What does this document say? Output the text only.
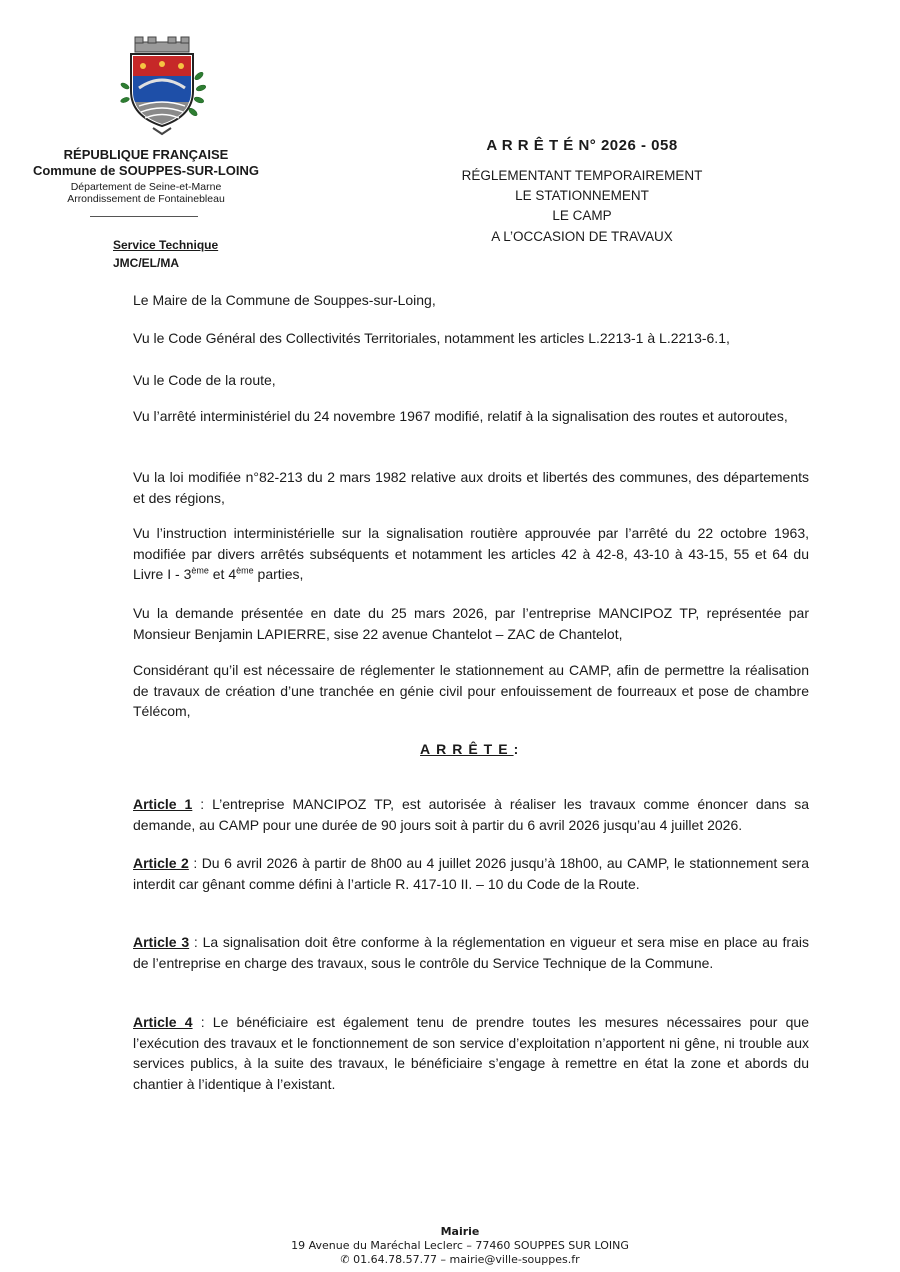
RÉPUBLIQUE FRANÇAISE
Commune de SOUPPES-SUR-LOING
Département de Seine-et-Marne
Arrondissement de Fontainebleau
Service Technique
JMC/EL/MA
A R R Ê T É N° 2026 - 058
RÉGLEMENTANT TEMPORAIREMENT
LE STATIONNEMENT
LE CAMP
A L’OCCASION DE TRAVAUX
Le Maire de la Commune de Souppes-sur-Loing,
Vu le Code Général des Collectivités Territoriales, notamment les articles L.2213-1 à L.2213-6.1,
Vu le Code de la route,
Vu l’arrêté interministériel du 24 novembre 1967 modifié, relatif à la signalisation des routes et autoroutes,
Vu la loi modifiée n°82-213 du 2 mars 1982 relative aux droits et libertés des communes, des départements et des régions,
Vu l’instruction interministérielle sur la signalisation routière approuvée par l’arrêté du 22 octobre 1963, modifiée par divers arrêtés subséquents et notamment les articles 42 à 42-8, 43-10 à 43-15, 55 et 64 du Livre I - 3ème et 4ème parties,
Vu la demande présentée en date du 25 mars 2026, par l’entreprise MANCIPOZ TP, représentée par Monsieur Benjamin LAPIERRE, sise 22 avenue Chantelot – ZAC de Chantelot,
Considérant qu’il est nécessaire de réglementer le stationnement au CAMP, afin de permettre la réalisation de travaux de création d’une tranchée en génie civil pour enfouissement de fourreaux et pose de chambre Télécom,
ARRÊTE:
Article 1 : L’entreprise MANCIPOZ TP, est autorisée à réaliser les travaux comme énoncer dans sa demande, au CAMP pour une durée de 90 jours soit à partir du 6 avril 2026 jusqu’au 4 juillet 2026.
Article 2 : Du 6 avril 2026 à partir de 8h00 au 4 juillet 2026 jusqu’à 18h00, au CAMP, le stationnement sera interdit car gênant comme défini à l’article R. 417-10 II. – 10 du Code de la Route.
Article 3 : La signalisation doit être conforme à la réglementation en vigueur et sera mise en place au frais de l’entreprise en charge des travaux, sous le contrôle du Service Technique de la Commune.
Article 4 : Le bénéficiaire est également tenu de prendre toutes les mesures nécessaires pour que l’exécution des travaux et le fonctionnement de son service d’exploitation n’apportent ni gêne, ni trouble aux services publics, à la suite des travaux, le bénéficiaire s’engage à remettre en état la zone et abords du chantier à l’identique à l’existant.
Mairie
19 Avenue du Maréchal Leclerc – 77460 SOUPPES SUR LOING
✆ 01.64.78.57.77 – mairie@ville-souppes.fr
